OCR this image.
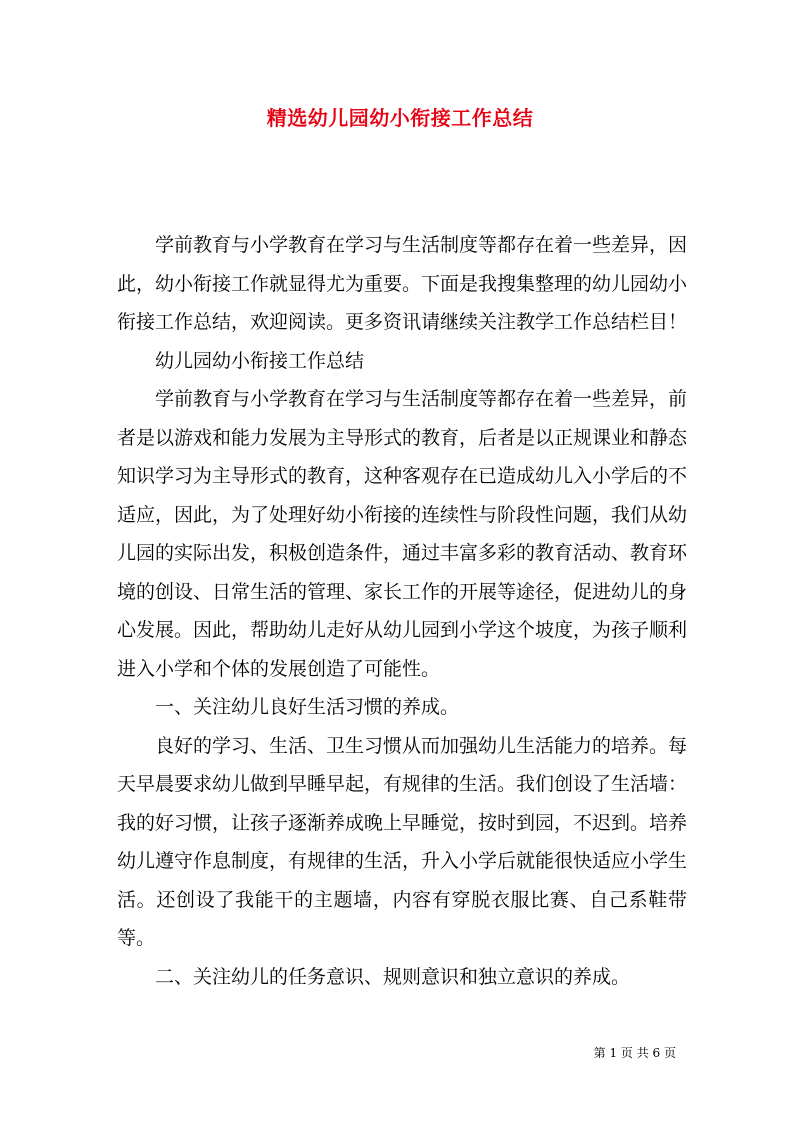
精选幼儿园幼小衔接工作总结

学前教育与小学教育在学习与生活制度等都存在着一些差异，因此，幼小衔接工作就显得尤为重要。下面是我搜集整理的幼儿园幼小衔接工作总结，欢迎阅读。更多资讯请继续关注教学工作总结栏目！

幼儿园幼小衔接工作总结

学前教育与小学教育在学习与生活制度等都存在着一些差异，前者是以游戏和能力发展为主导形式的教育，后者是以正规课业和静态知识学习为主导形式的教育，这种客观存在已造成幼儿入小学后的不适应，因此，为了处理好幼小衔接的连续性与阶段性问题，我们从幼儿园的实际出发，积极创造条件，通过丰富多彩的教育活动、教育环境的创设、日常生活的管理、家长工作的开展等途径，促进幼儿的身心发展。因此，帮助幼儿走好从幼儿园到小学这个坡度，为孩子顺利进入小学和个体的发展创造了可能性。

一、关注幼儿良好生活习惯的养成。

良好的学习、生活、卫生习惯从而加强幼儿生活能力的培养。每天早晨要求幼儿做到早睡早起，有规律的生活。我们创设了生活墙：我的好习惯，让孩子逐渐养成晚上早睡觉，按时到园，不迟到。培养幼儿遵守作息制度，有规律的生活，升入小学后就能很快适应小学生活。还创设了我能干的主题墙，内容有穿脱衣服比赛、自己系鞋带等。

二、关注幼儿的任务意识、规则意识和独立意识的养成。

第 1 页 共 6 页
